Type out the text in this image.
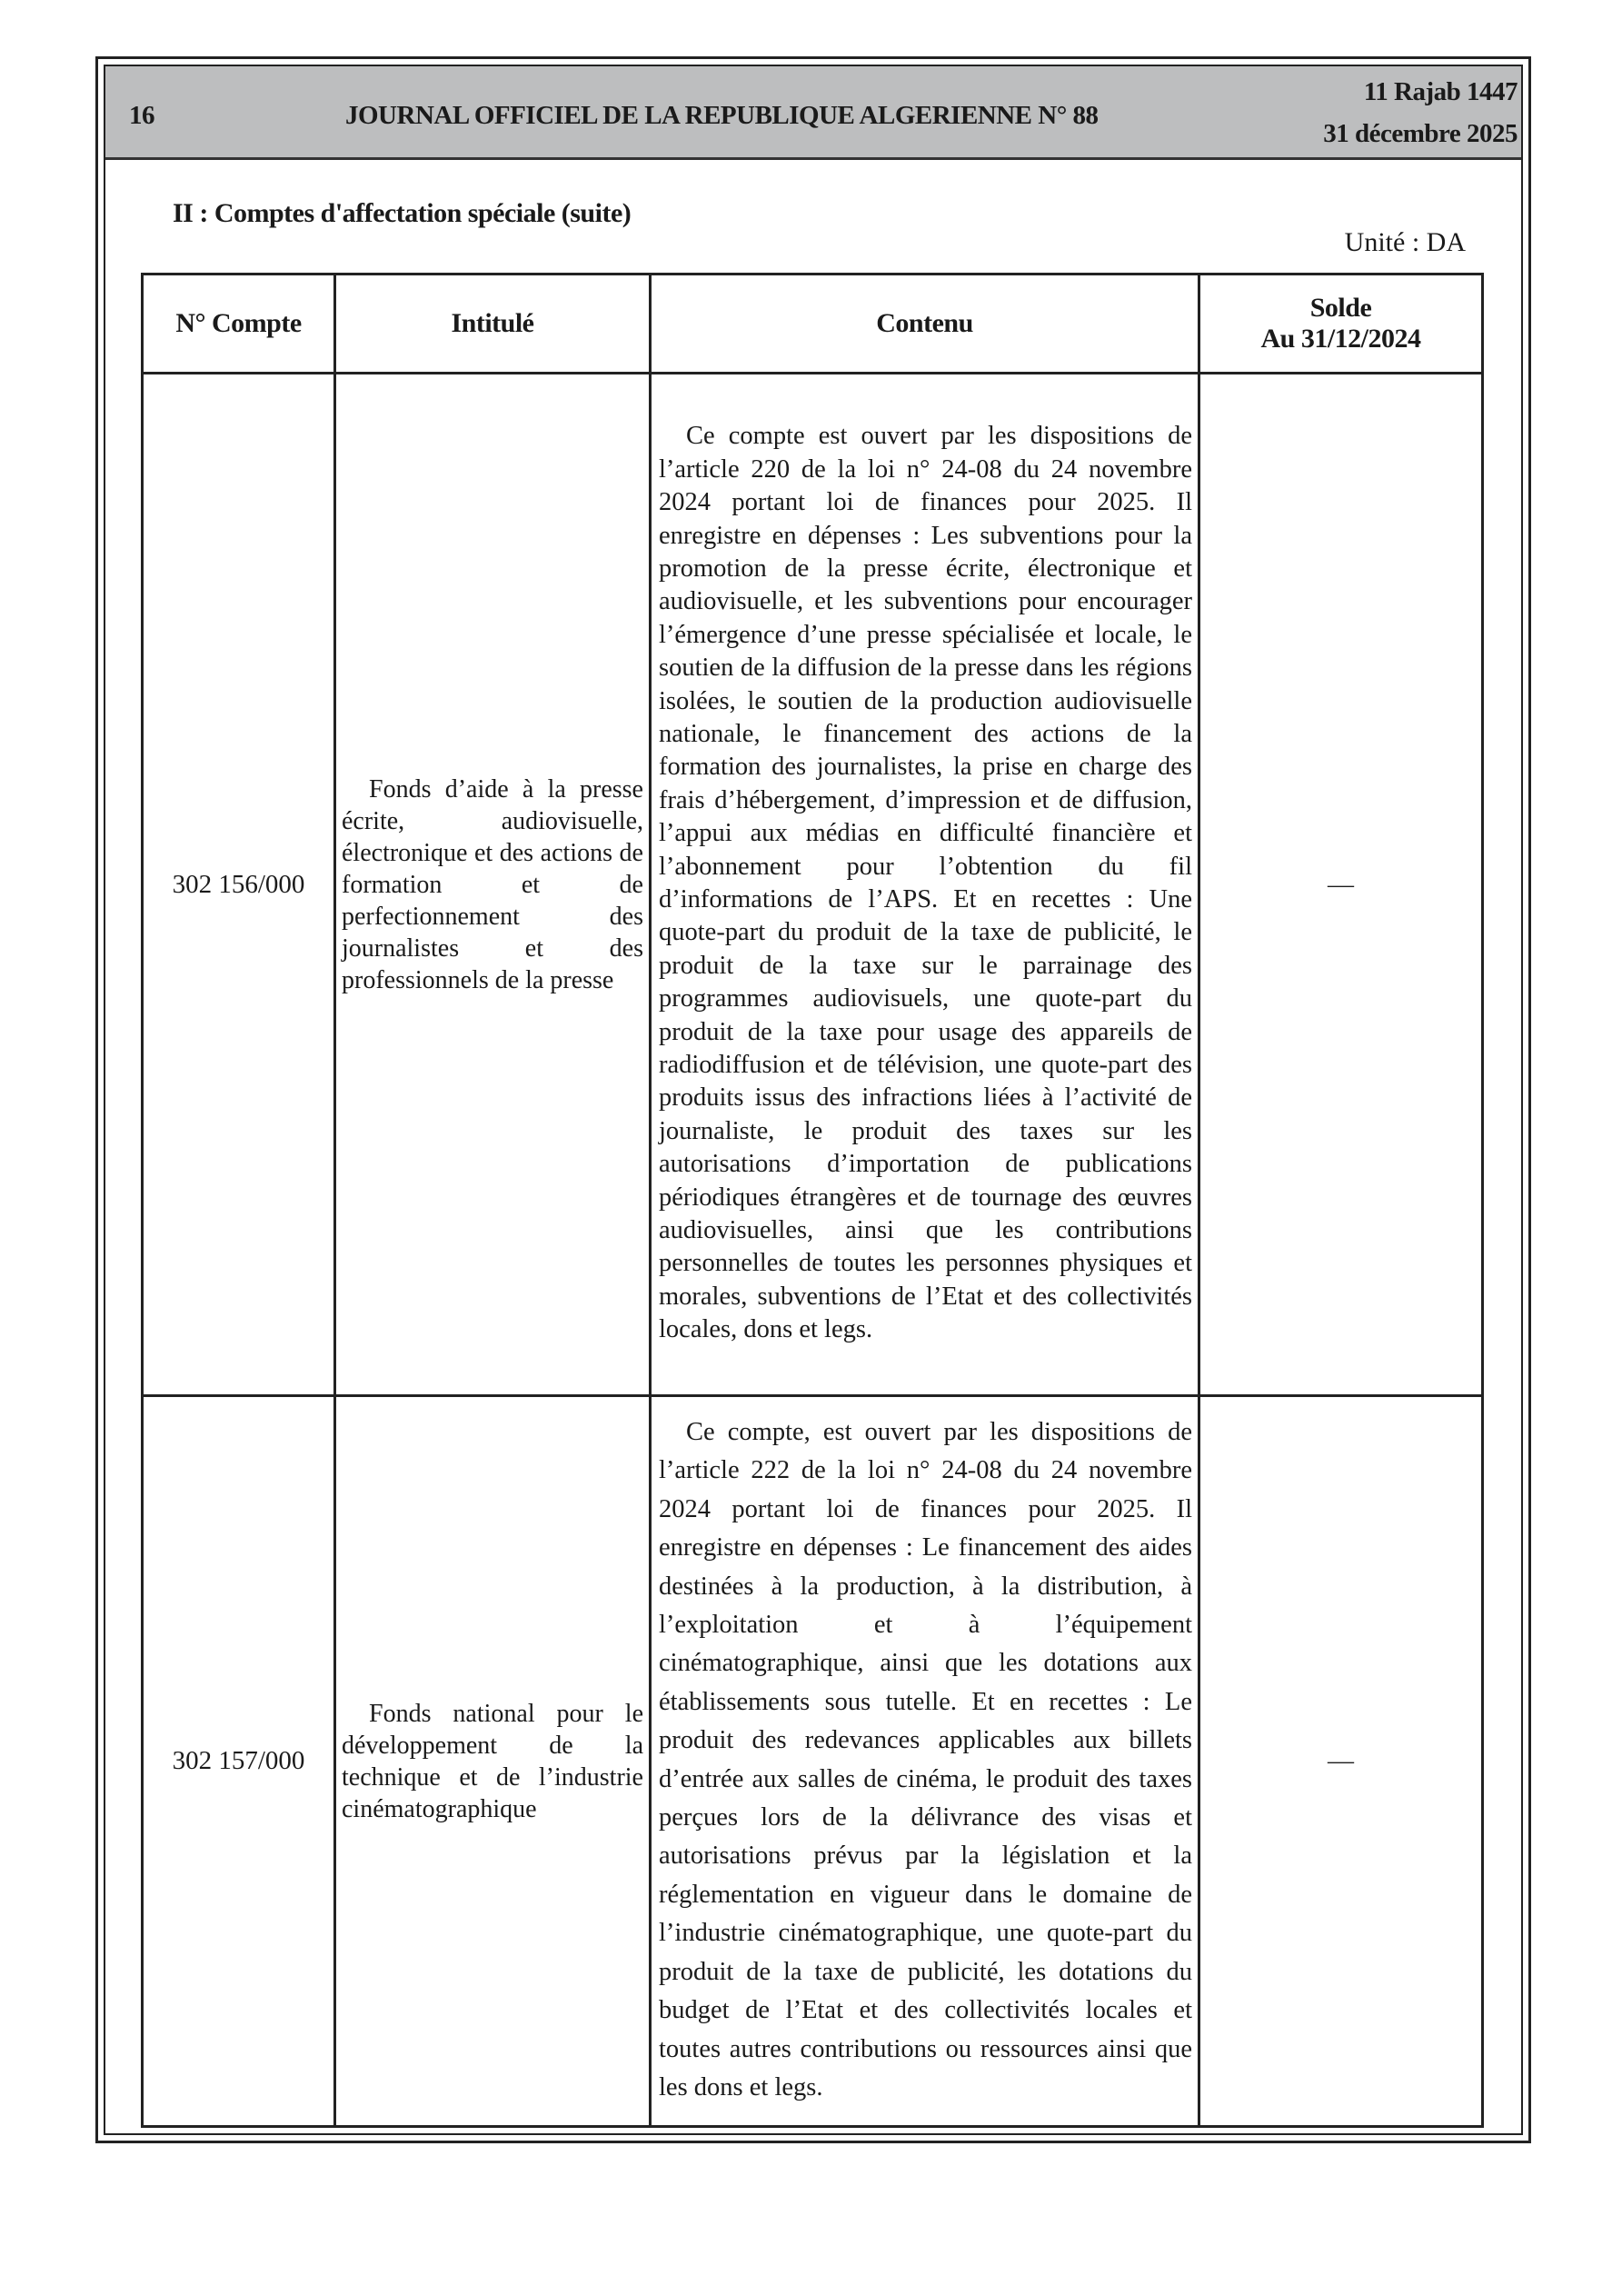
16	JOURNAL OFFICIEL DE LA REPUBLIQUE ALGERIENNE N° 88
11 Rajab 1447
31 décembre 2025
II : Comptes d'affectation spéciale (suite)
Unité : DA
N° Compte	Intitulé	Contenu	Solde
Au 31/12/2024
302 156/000	Fonds d’aide à la presse écrite, audiovisuelle, électronique et des actions de formation et de perfectionnement des journalistes et des professionnels de la presse	Ce compte est ouvert par les dispositions de l’article 220 de la loi n° 24-08 du 24 novembre 2024 portant loi de finances pour 2025. Il enregistre en dépenses : Les subventions pour la promotion de la presse écrite, électronique et audiovisuelle, et les subventions pour encourager l’émergence d’une presse spécialisée et locale, le soutien de la diffusion de la presse dans les régions isolées, le soutien de la production audiovisuelle nationale, le financement des actions de la formation des journalistes, la prise en charge des frais d’hébergement, d’impression et de diffusion, l’appui aux médias en difficulté financière et l’abonnement pour l’obtention du fil d’informations de l’APS. Et en recettes : Une quote-part du produit de la taxe de publicité, le produit de la taxe sur le parrainage des programmes audiovisuels, une quote-part du produit de la taxe pour usage des appareils de radiodiffusion et de télévision, une quote-part des produits issus des infractions liées à l’activité de journaliste, le produit des taxes sur les autorisations d’importation de publications périodiques étrangères et de tournage des œuvres audiovisuelles, ainsi que les contributions personnelles de toutes les personnes physiques et morales, subventions de l’Etat et des collectivités locales, dons et legs.	—
302 157/000	Fonds national pour le développement de la technique et de l’industrie cinématographique	Ce compte, est ouvert par les dispositions de l’article 222 de la loi n° 24-08 du 24 novembre 2024 portant loi de finances pour 2025. Il enregistre en dépenses : Le financement des aides destinées à la production, à la distribution, à l’exploitation et à l’équipement cinématographique, ainsi que les dotations aux établissements sous tutelle. Et en recettes : Le produit des redevances applicables aux billets d’entrée aux salles de cinéma, le produit des taxes perçues lors de la délivrance des visas et autorisations prévus par la législation et la réglementation en vigueur dans le domaine de l’industrie cinématographique, une quote-part du produit de la taxe de publicité, les dotations du budget de l’Etat et des collectivités locales et toutes autres contributions ou ressources ainsi que les dons et legs.	—
